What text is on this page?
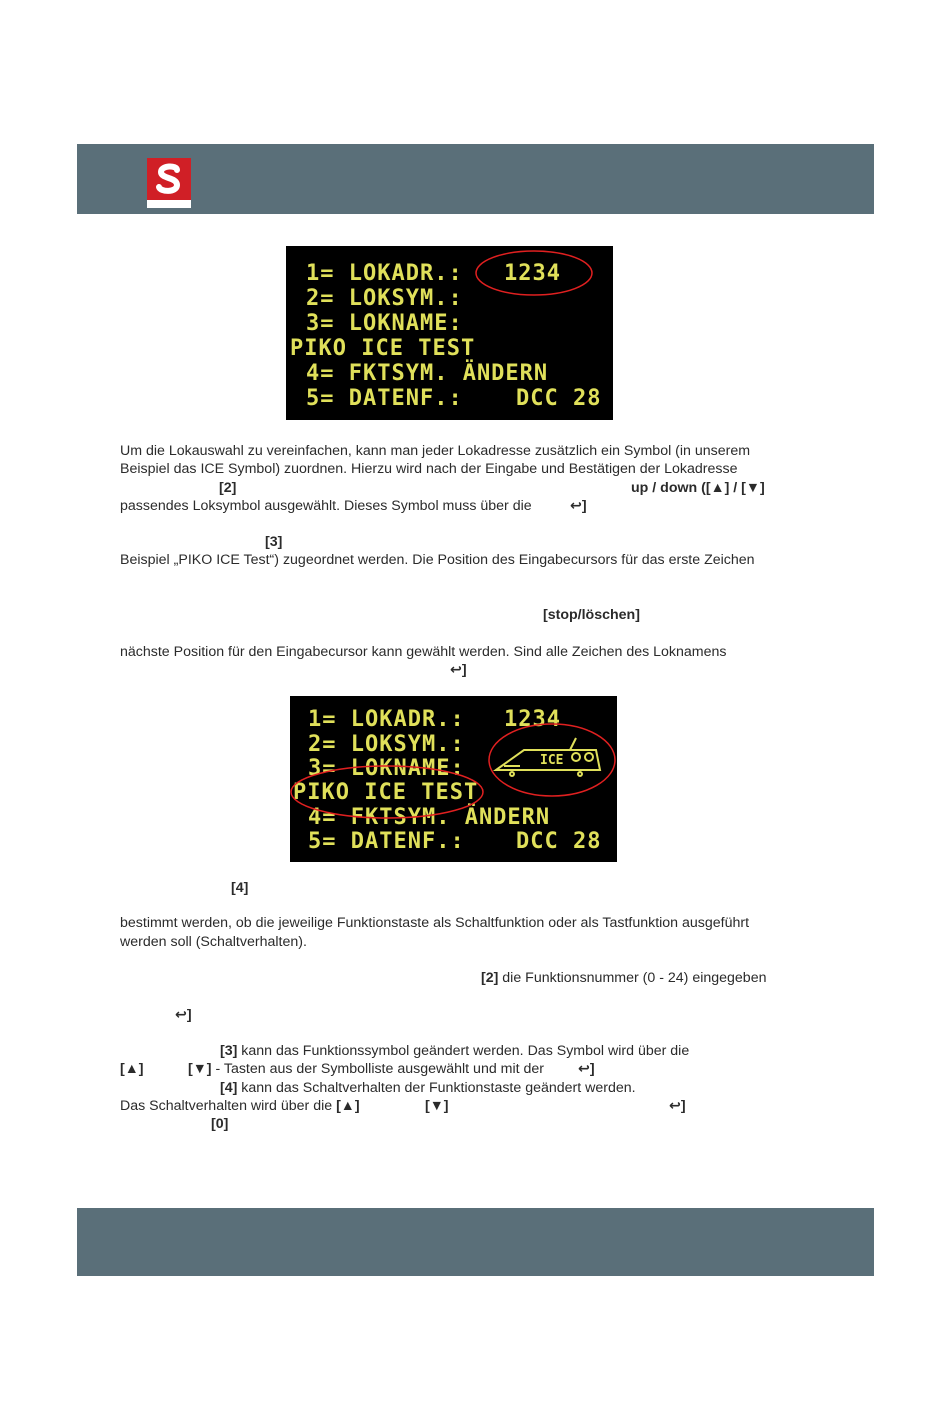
1= LOKADR.: 1234
2= LOKSYM.:
3= LOKNAME:
PIKO ICE TEST
4= FKTSYM. ÄNDERN
5= DATENF.: DCC 28
Um die Lokauswahl zu vereinfachen, kann man jeder Lokadresse zusätzlich ein Symbol (in unserem
Beispiel das ICE Symbol) zuordnen. Hierzu wird nach der Eingabe und Bestätigen der Lokadresse
[2]	up / down ([▲] / [▼]
passendes Loksymbol ausgewählt. Dieses Symbol muss über die	↩]
[3]
Beispiel „PIKO ICE Test“) zugeordnet werden. Die Position des Eingabecursors für das erste Zeichen
[stop/löschen]
nächste Position für den Eingabecursor kann gewählt werden. Sind alle Zeichen des Loknamens
↩]
1= LOKADR.: 1234
2= LOKSYM.:
3= LOKNAME:
PIKO ICE TEST
4= FKTSYM. ÄNDERN
5= DATENF.: DCC 28
ICE
[4]
bestimmt werden, ob die jeweilige Funktionstaste als Schaltfunktion oder als Tastfunktion ausgeführt
werden soll (Schaltverhalten).
[2] die Funktionsnummer (0 - 24) eingegeben
↩]
[3] kann das Funktionssymbol geändert werden. Das Symbol wird über die
[▲]	[▼] - Tasten aus der Symbolliste ausgewählt und mit der ↩]
[4] kann das Schaltverhalten der Funktionstaste geändert werden.
Das Schaltverhalten wird über die [▲]	[▼]	↩]
[0]
